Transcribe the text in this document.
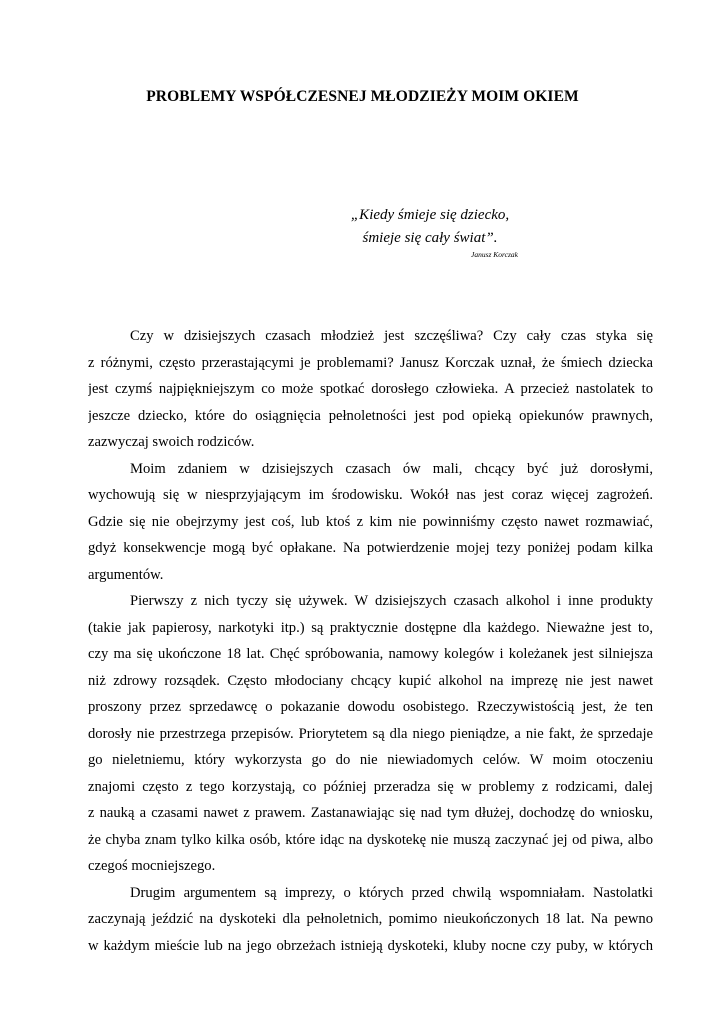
PROBLEMY WSPÓŁCZESNEJ MŁODZIEŻY MOIM OKIEM
„Kiedy śmieje się dziecko,
śmieje się cały świat”.
Janusz Korczak

Czy w dzisiejszych czasach młodzież jest szczęśliwa? Czy cały czas styka się
z różnymi, często przerastającymi je problemami? Janusz Korczak uznał, że śmiech dziecka
jest czymś najpiękniejszym co może spotkać dorosłego człowieka. A przecież nastolatek to
jeszcze dziecko, które do osiągnięcia pełnoletności jest pod opieką opiekunów prawnych,
zazwyczaj swoich rodziców.

Moim zdaniem w dzisiejszych czasach ów mali, chcący być już dorosłymi,
wychowują się w niesprzyjającym im środowisku. Wokół nas jest coraz więcej zagrożeń.
Gdzie się nie obejrzymy jest coś, lub ktoś z kim nie powinniśmy często nawet rozmawiać,
gdyż konsekwencje mogą być opłakane. Na potwierdzenie mojej tezy poniżej podam kilka
argumentów.

Pierwszy z nich tyczy się używek. W dzisiejszych czasach alkohol i inne produkty
(takie jak papierosy, narkotyki itp.) są praktycznie dostępne dla każdego. Nieważne jest to,
czy ma się ukończone 18 lat. Chęć spróbowania, namowy kolegów i koleżanek jest silniejsza
niż zdrowy rozsądek. Często młodociany chcący kupić alkohol na imprezę nie jest nawet
proszony przez sprzedawcę o pokazanie dowodu osobistego. Rzeczywistością jest, że ten
dorosły nie przestrzega przepisów. Priorytetem są dla niego pieniądze, a nie fakt, że sprzedaje
go nieletniemu, który wykorzysta go do nie niewiadomych celów. W moim otoczeniu
znajomi często z tego korzystają, co później przeradza się w problemy z rodzicami, dalej
z nauką a czasami nawet z prawem. Zastanawiając się nad tym dłużej, dochodzę do wniosku,
że chyba znam tylko kilka osób, które idąc na dyskotekę nie muszą zaczynać jej od piwa, albo
czegoś mocniejszego.

Drugim argumentem są imprezy, o których przed chwilą wspomniałam. Nastolatki
zaczynają jeździć na dyskoteki dla pełnoletnich, pomimo nieukończonych 18 lat. Na pewno
w każdym mieście lub na jego obrzeżach istnieją dyskoteki, kluby nocne czy puby, w których
